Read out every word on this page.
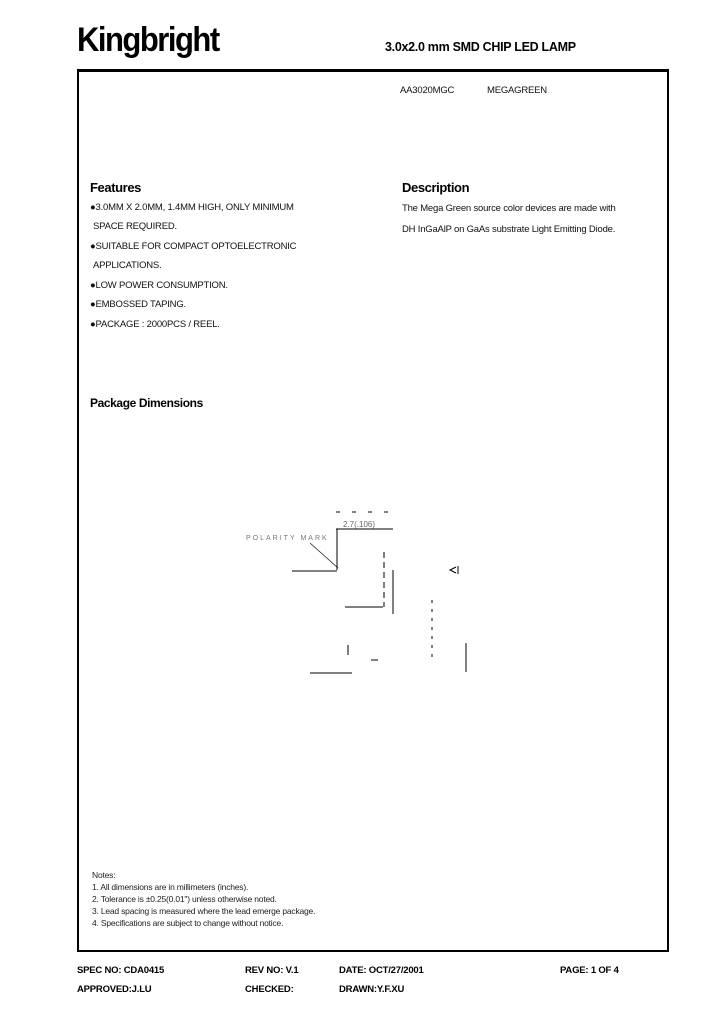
Kingbright	3.0x2.0 mm SMD CHIP LED LAMP
AA3020MGC	MEGAGREEN
Features
●3.0MM X 2.0MM, 1.4MM HIGH, ONLY MINIMUM
SPACE REQUIRED.
●SUITABLE FOR COMPACT OPTOELECTRONIC
APPLICATIONS.
●LOW POWER CONSUMPTION.
●EMBOSSED TAPING.
●PACKAGE : 2000PCS / REEL.
Description
The Mega Green source color devices are made with
DH InGaAlP on GaAs substrate Light Emitting Diode.
Package Dimensions
POLARITY MARK
2.7(.106)
Notes:
1. All dimensions are in millimeters (inches).
2. Tolerance is ±0.25(0.01") unless otherwise noted.
3. Lead spacing is measured where the lead emerge package.
4. Specifications are subject to change without notice.
SPEC NO: CDA0415	REV NO: V.1	DATE: OCT/27/2001	PAGE: 1 OF 4
APPROVED:J.LU	CHECKED:	DRAWN:Y.F.XU
